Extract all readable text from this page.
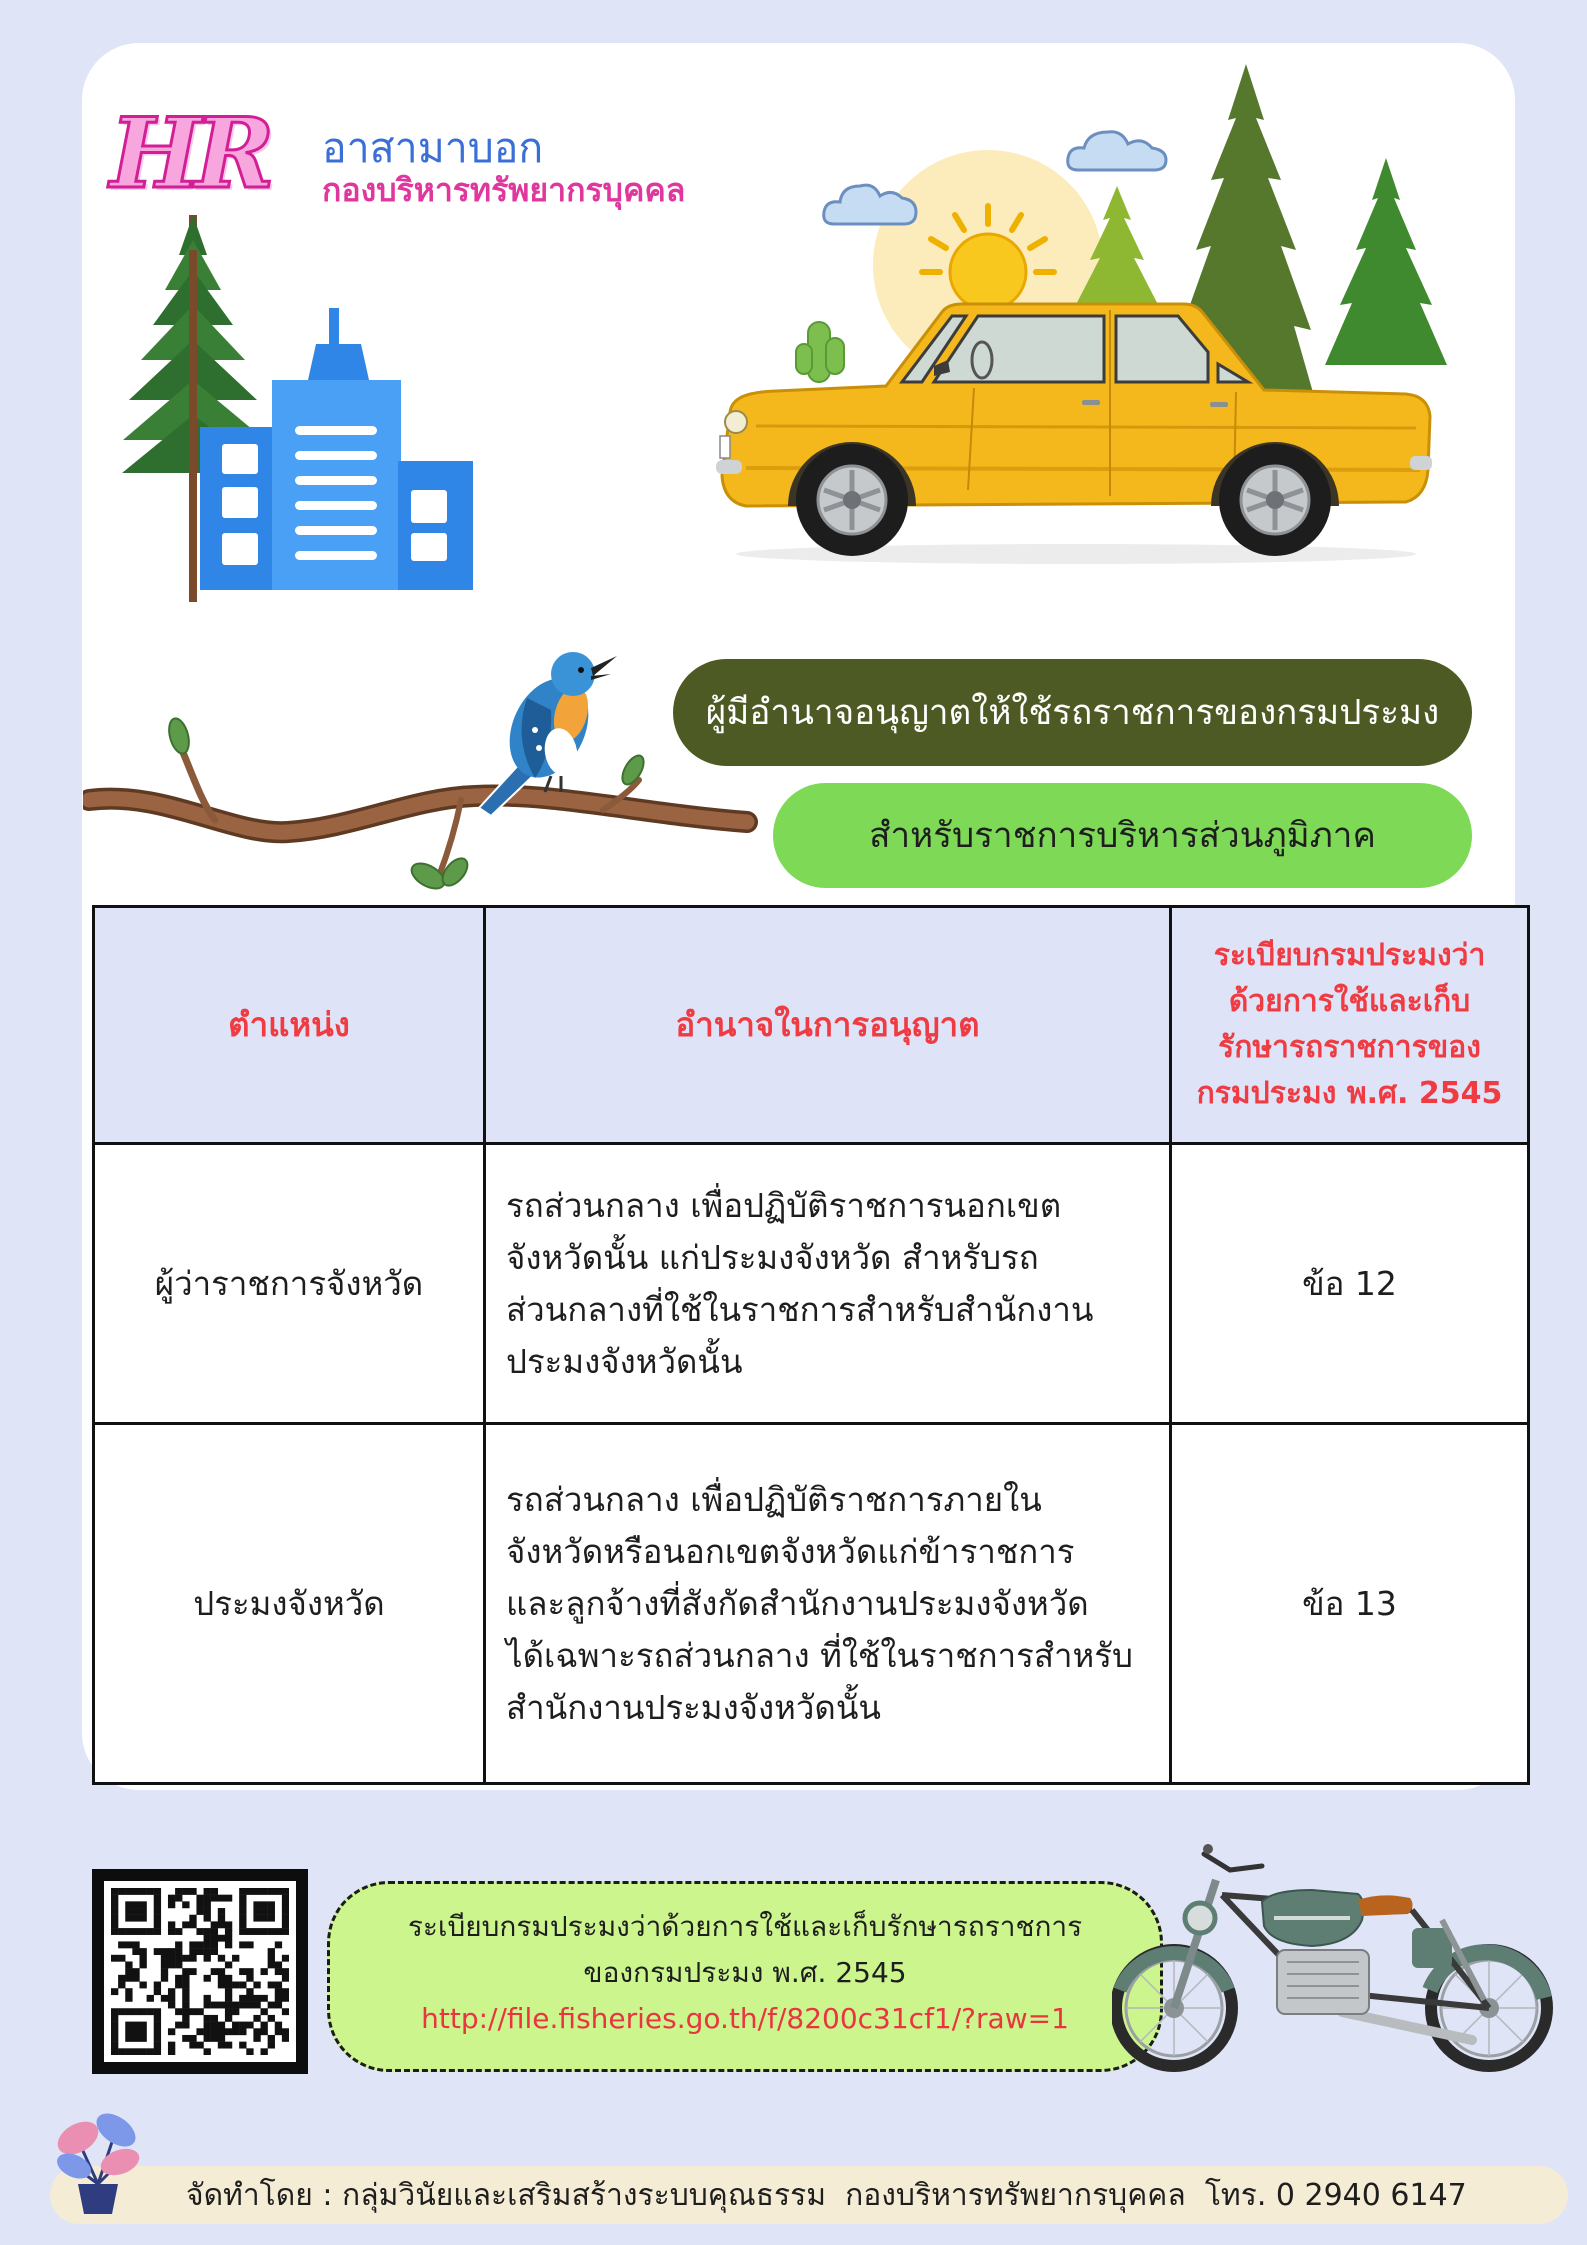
HR อาสามาบอก
กองบริหารทรัพยากรบุคคล
ผู้มีอำนาจอนุญาตให้ใช้รถราชการของกรมประมง
สำหรับราชการบริหารส่วนภูมิภาค
ตำแหน่ง	อำนาจในการอนุญาต
ระเบียบกรมประมงว่า
ด้วยการใช้และเก็บ
รักษารถราชการของ
กรมประมง พ.ศ. 2545
ผู้ว่าราชการจังหวัด
รถส่วนกลาง เพื่อปฏิบัติราชการนอกเขต
จังหวัดนั้น แก่ประมงจังหวัด สำหรับรถ
ส่วนกลางที่ใช้ในราชการสำหรับสำนักงาน
ประมงจังหวัดนั้น
ข้อ 12
ประมงจังหวัด
รถส่วนกลาง เพื่อปฏิบัติราชการภายใน
จังหวัดหรือนอกเขตจังหวัดแก่ข้าราชการ
และลูกจ้างที่สังกัดสำนักงานประมงจังหวัด
ได้เฉพาะรถส่วนกลาง ที่ใช้ในราชการสำหรับ
สำนักงานประมงจังหวัดนั้น
ข้อ 13
ระเบียบกรมประมงว่าด้วยการใช้และเก็บรักษารถราชการ
ของกรมประมง พ.ศ. 2545
http://file.fisheries.go.th/f/8200c31cf1/?raw=1
จัดทำโดย : กลุ่มวินัยและเสริมสร้างระบบคุณธรรม  กองบริหารทรัพยากรบุคคล  โทร. 0 2940 6147
